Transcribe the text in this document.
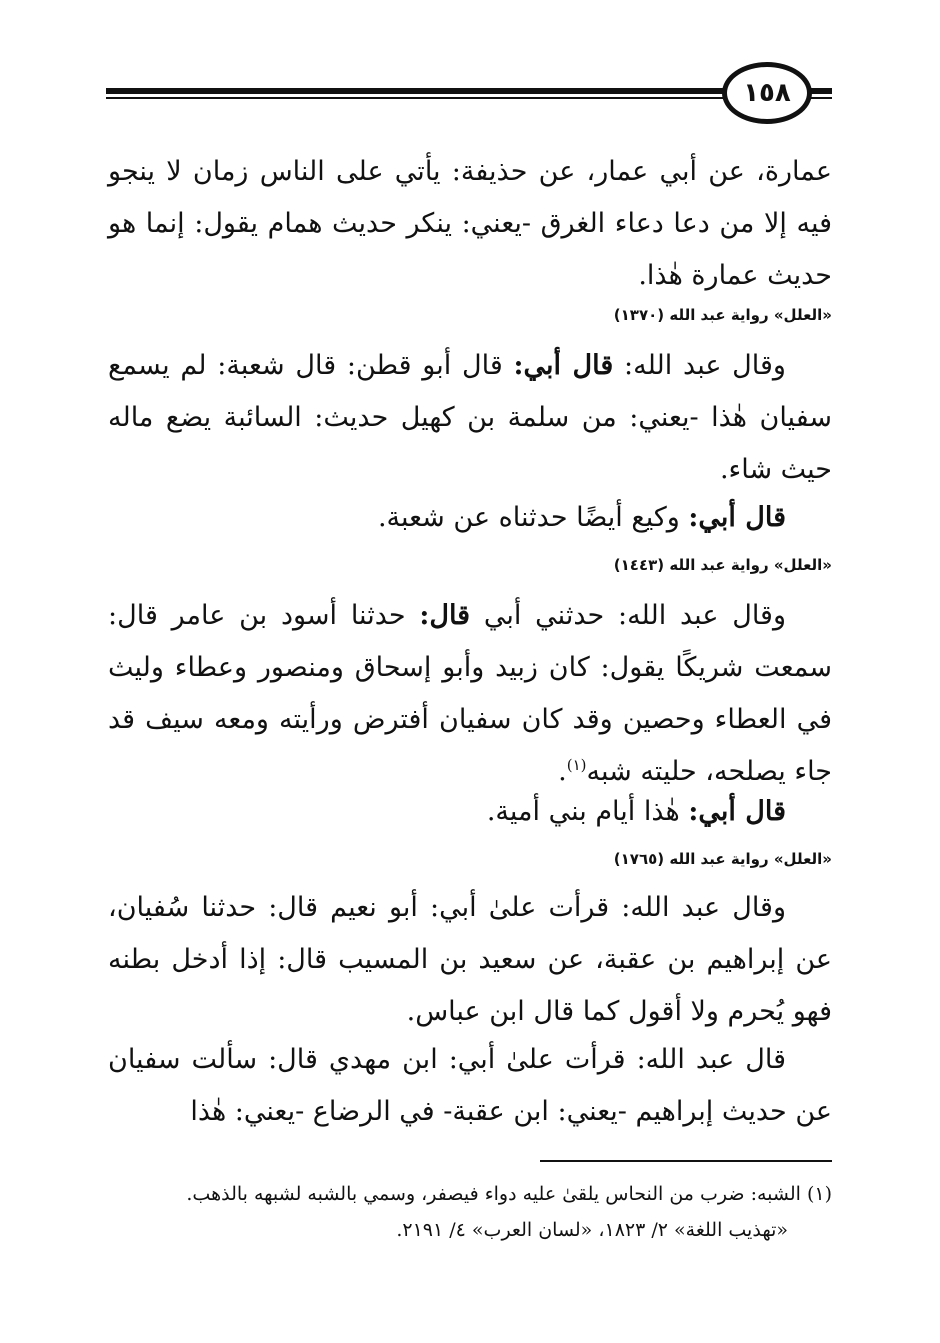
١٥٨
عمارة، عن أبي عمار، عن حذيفة: يأتي على الناس زمان لا ينجو فيه إلا من دعا دعاء الغرق -يعني: ينكر حديث همام يقول: إنما هو حديث عمارة هٰذا.
«العلل» رواية عبد الله (١٣٧٠)
وقال عبد الله: قال أبي: قال أبو قطن: قال شعبة: لم يسمع سفيان هٰذا -يعني: من سلمة بن كهيل حديث: السائبة يضع ماله حيث شاء.
قال أبي: وكيع أيضًا حدثناه عن شعبة.
«العلل» رواية عبد الله (١٤٤٣)
وقال عبد الله: حدثني أبي قال: حدثنا أسود بن عامر قال: سمعت شريكًا يقول: كان زبيد وأبو إسحاق ومنصور وعطاء وليث في العطاء وحصين وقد كان سفيان أفترض ورأيته ومعه سيف قد جاء يصلحه، حليته شبه$^{(١)}$.
قال أبي: هٰذا أيام بني أمية.
«العلل» رواية عبد الله (١٧٦٥)
وقال عبد الله: قرأت علىٰ أبي: أبو نعيم قال: حدثنا سُفيان، عن إبراهيم بن عقبة، عن سعيد بن المسيب قال: إذا أدخل بطنه فهو يُحرم ولا أقول كما قال ابن عباس.
قال عبد الله: قرأت علىٰ أبي: ابن مهدي قال: سألت سفيان عن حديث إبراهيم -يعني: ابن عقبة- في الرضاع -يعني: هٰذا
(١) الشبه: ضرب من النحاس يلقىٰ عليه دواء فيصفر، وسمي بالشبه لشبهه بالذهب.
«تهذيب اللغة» ٢/ ١٨٢٣، «لسان العرب» ٤/ ٢١٩١.
